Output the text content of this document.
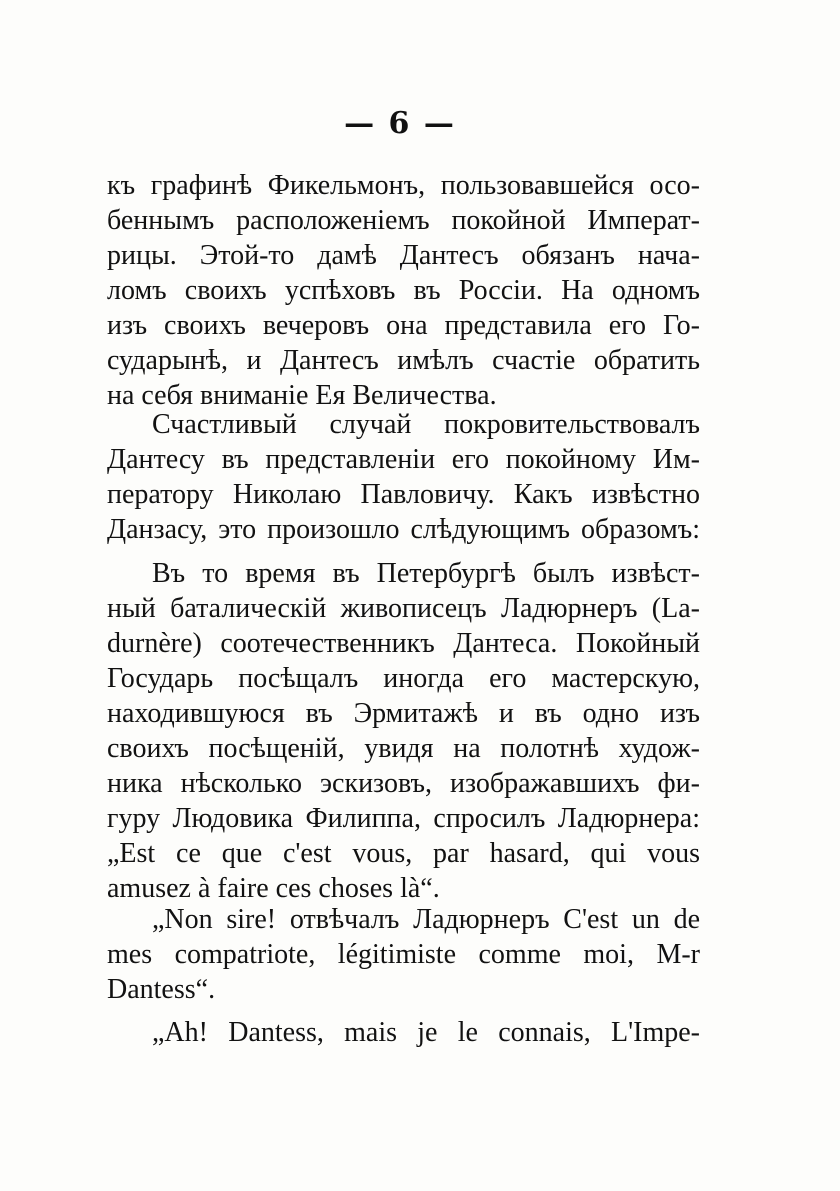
— 6 —
къ графинѣ Фикельмонъ, пользовавшейся осо-
беннымъ расположеніемъ покойной Императ-
рицы. Этой-то дамѣ Дантесъ обязанъ нача-
ломъ своихъ успѣховъ въ Россіи. На одномъ
изъ своихъ вечеровъ она представила его Го-
сударынѣ, и Дантесъ имѣлъ счастіе обратить
на себя вниманіе Ея Величества.
Счастливый случай покровительствовалъ
Дантесу въ представленіи его покойному Им-
ператору Николаю Павловичу. Какъ извѣстно
Данзасу, это произошло слѣдующимъ образомъ:
Въ то время въ Петербургѣ былъ извѣст-
ный баталическій живописецъ Ладюрнеръ (La-
durnère) соотечественникъ Дантеса. Покойный
Государь посѣщалъ иногда его мастерскую,
находившуюся въ Эрмитажѣ и въ одно изъ
своихъ посѣщеній, увидя на полотнѣ худож-
ника нѣсколько эскизовъ, изображавшихъ фи-
гуру Людовика Филиппа, спросилъ Ладюрнера:
„Est ce que c'est vous, par hasard, qui vous
amusez à faire ces choses là“.
„Non sire! отвѣчалъ Ладюрнеръ C'est un de
mes compatriote, légitimiste comme moi, M-r
Dantess“.
„Ah! Dantess, mais je le connais, L'Impe-
